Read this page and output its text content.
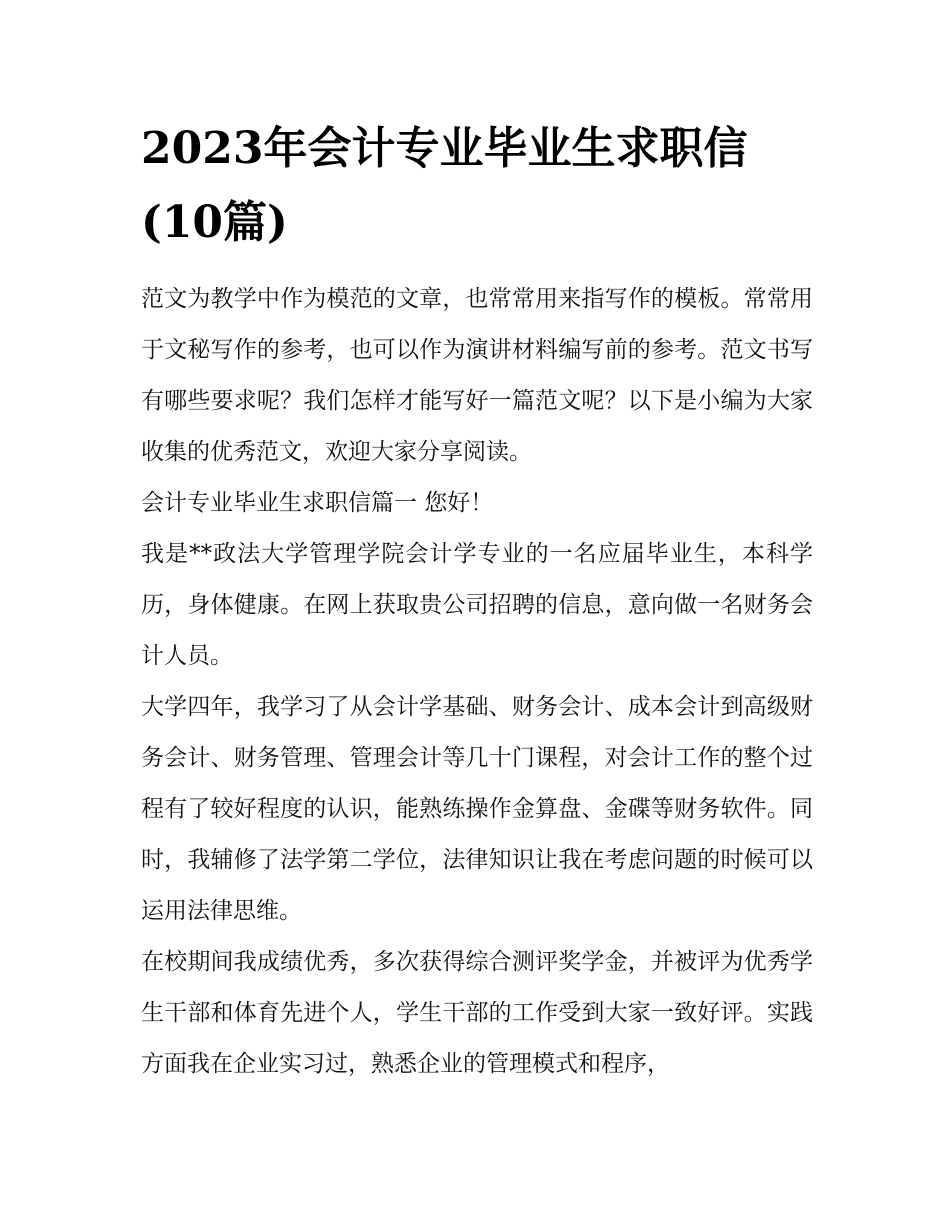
2023年会计专业毕业生求职信(10篇)

范文为教学中作为模范的文章，也常常用来指写作的模板。常常用于文秘写作的参考，也可以作为演讲材料编写前的参考。范文书写有哪些要求呢？我们怎样才能写好一篇范文呢？以下是小编为大家收集的优秀范文，欢迎大家分享阅读。

会计专业毕业生求职信篇一 您好！

我是**政法大学管理学院会计学专业的一名应届毕业生，本科学历，身体健康。在网上获取贵公司招聘的信息，意向做一名财务会计人员。

大学四年，我学习了从会计学基础、财务会计、成本会计到高级财务会计、财务管理、管理会计等几十门课程，对会计工作的整个过程有了较好程度的认识，能熟练操作金算盘、金碟等财务软件。同时，我辅修了法学第二学位，法律知识让我在考虑问题的时候可以运用法律思维。

在校期间我成绩优秀，多次获得综合测评奖学金，并被评为优秀学生干部和体育先进个人，学生干部的工作受到大家一致好评。实践方面我在企业实习过，熟悉企业的管理模式和程序，
